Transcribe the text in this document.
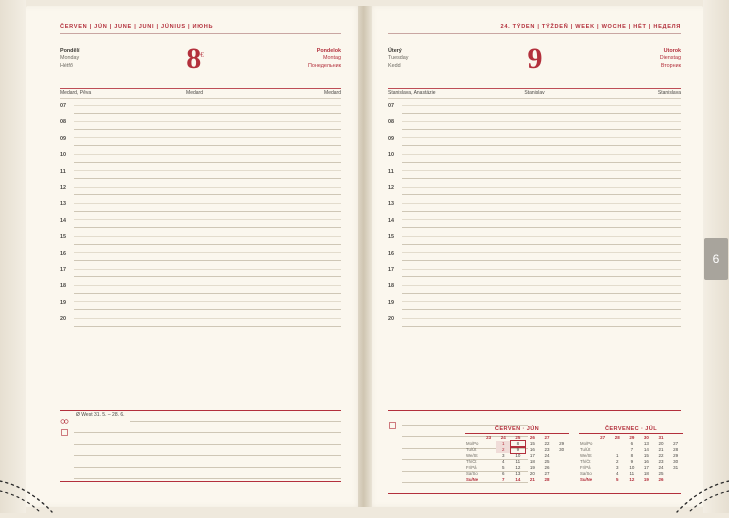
ČERVEN | JÚN | JUNE | JUNI | JÚNIUS | ИЮНЬ
Pondělí
Monday
Hétfő	8€	Pondelok
Montag
Понедельник
Medard, Pěva	Medard	Medard
07
08
09
10
11
12
13
14
15
16
17
18
19
20
Ø West 31. 5. – 28. 6.
24. TÝDEN | TÝŽDEŇ | WEEK | WOCHE | HÉT | НЕДЕЛЯ
Úterý
Tuesday
Kedd	9	Utorok
Dienstag
Вторник
Stanislava, Anastázie	Stanislav	Stanislava
07
08
09
10
11
12
13
14
15
16
17
18
19
20
ČERVEN · JÚN
	23	24	25	26	27	
Mo/Po		1	8	15	22	29
Tu/Út		2	9	16	23	30
We/St		3	10	17	24	
Th/Čt		4	11	18	25	
Fr/Pá		5	12	19	26	
Sa/So		6	13	20	27	
Su/Ne		7	14	21	28	
ČERVENEC · JÚL
	27	28	29	30	31	
Mo/Po			6	13	20	27
Tu/Út			7	14	21	28
We/St		1	8	15	22	29
Th/Čt		2	9	16	23	30
Fr/Pá		3	10	17	24	31
Sa/So		4	11	18	25	
Su/Ne		5	12	19	26	
6
